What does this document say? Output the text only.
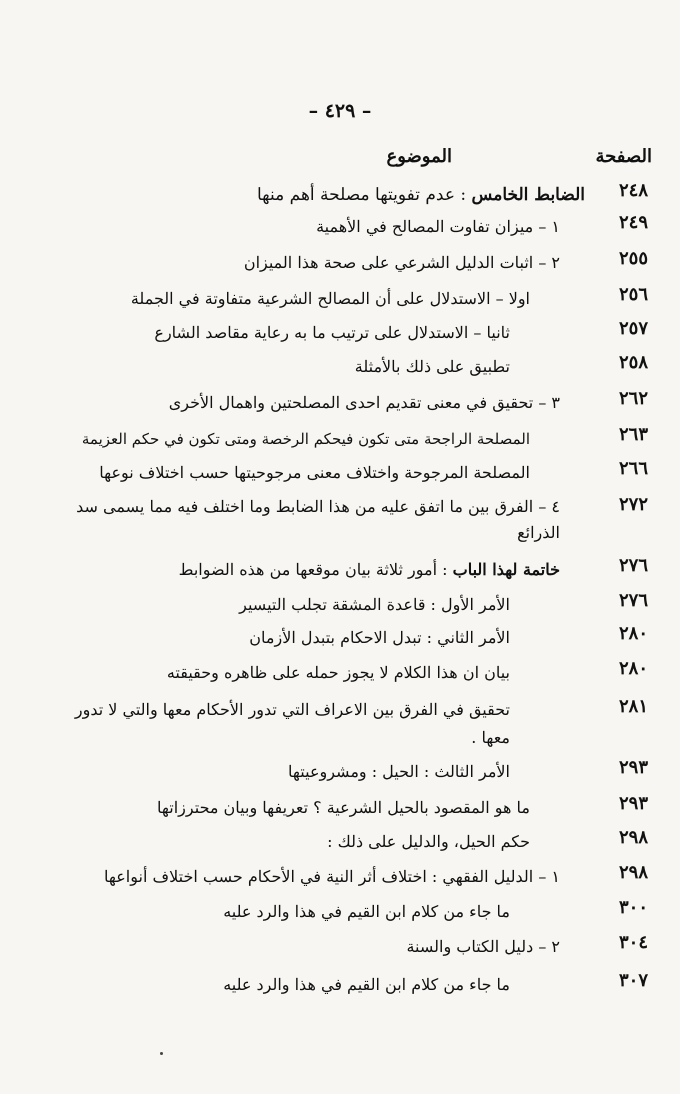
– ٤٢٩ –
الصفحة
الموضوع
٢٤٨
الضابط الخامس : عدم تفويتها مصلحة أهم منها
٢٤٩
١ – ميزان تفاوت المصالح في الأهمية
٢٥٥
٢ – اثبات الدليل الشرعي على صحة هذا الميزان
٢٥٦
اولا – الاستدلال على أن المصالح الشرعية متفاوتة في الجملة
٢٥٧
ثانيا – الاستدلال على ترتيب ما به رعاية مقاصد الشارع
٢٥٨
تطبيق على ذلك بالأمثلة
٢٦٢
٣ – تحقيق في معنى تقديم احدى المصلحتين واهمال الأخرى
٢٦٣
المصلحة الراجحة متى تكون فيحكم الرخصة ومتى تكون في حكم العزيمة
٢٦٦
المصلحة المرجوحة واختلاف معنى مرجوحيتها حسب اختلاف نوعها
٢٧٢
٤ – الفرق بين ما اتفق عليه من هذا الضابط وما اختلف فيه مما يسمى سد الذرائع
٢٧٦
خاتمة لهذا الباب : أمور ثلاثة بيان موقعها من هذه الضوابط
٢٧٦
الأمر الأول : قاعدة المشقة تجلب التيسير
٢٨٠
الأمر الثاني : تبدل الاحكام بتبدل الأزمان
٢٨٠
بيان ان هذا الكلام لا يجوز حمله على ظاهره وحقيقته
٢٨١
تحقيق في الفرق بين الاعراف التي تدور الأحكام معها والتي لا تدور معها .
٢٩٣
الأمر الثالث : الحيل : ومشروعيتها
٢٩٣
ما هو المقصود بالحيل الشرعية ؟ تعريفها وبيان محترزاتها
٢٩٨
حكم الحيل، والدليل على ذلك :
٢٩٨
١ – الدليل الفقهي : اختلاف أثر النية في الأحكام حسب اختلاف أنواعها
٣٠٠
ما جاء من كلام ابن القيم في هذا والرد عليه
٣٠٤
٢ – دليل الكتاب والسنة
٣٠٧
ما جاء من كلام ابن القيم في هذا والرد عليه
